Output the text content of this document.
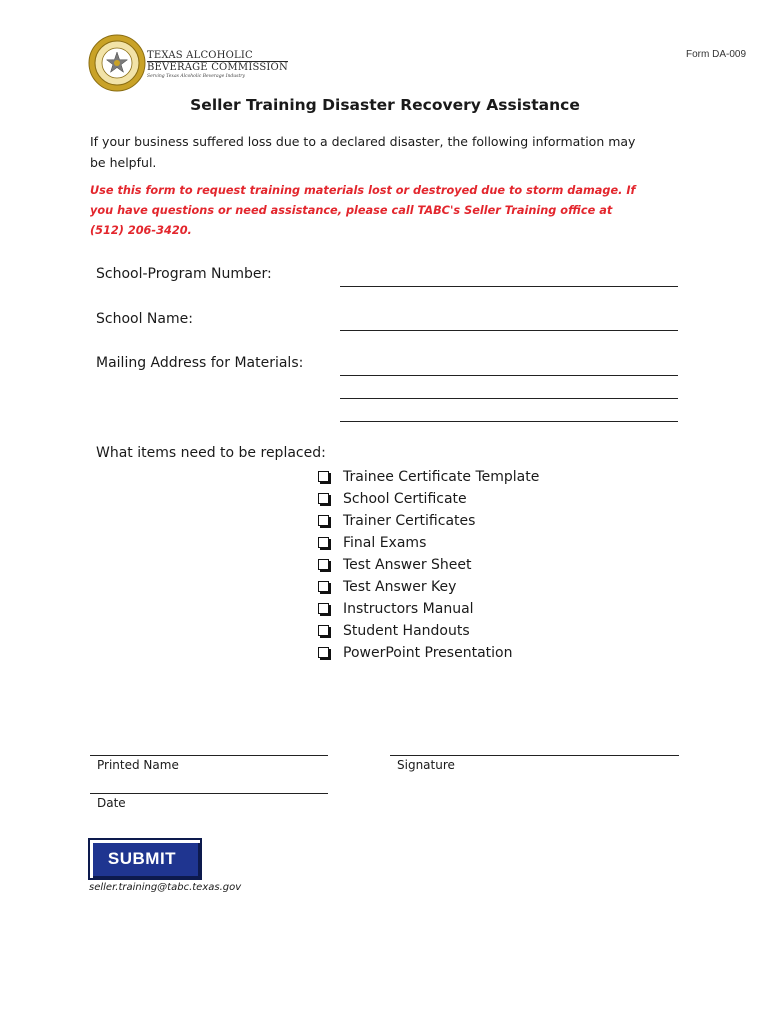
TEXAS ALCOHOLIC
BEVERAGE COMMISSION
Serving Texas Alcoholic Beverage Industry
Form DA-009
Seller Training Disaster Recovery Assistance
If your business suffered loss due to a declared disaster, the following information may be helpful.
Use this form to request training materials lost or destroyed due to storm damage. If you have questions or need assistance, please call TABC's Seller Training office at (512) 206-3420.
School-Program Number:
School Name:
Mailing Address for Materials:
What items need to be replaced:
Trainee Certificate Template
School Certificate
Trainer Certificates
Final Exams
Test Answer Sheet
Test Answer Key
Instructors Manual
Student Handouts
PowerPoint Presentation
Printed Name	Signature
Date
SUBMIT
seller.training@tabc.texas.gov
